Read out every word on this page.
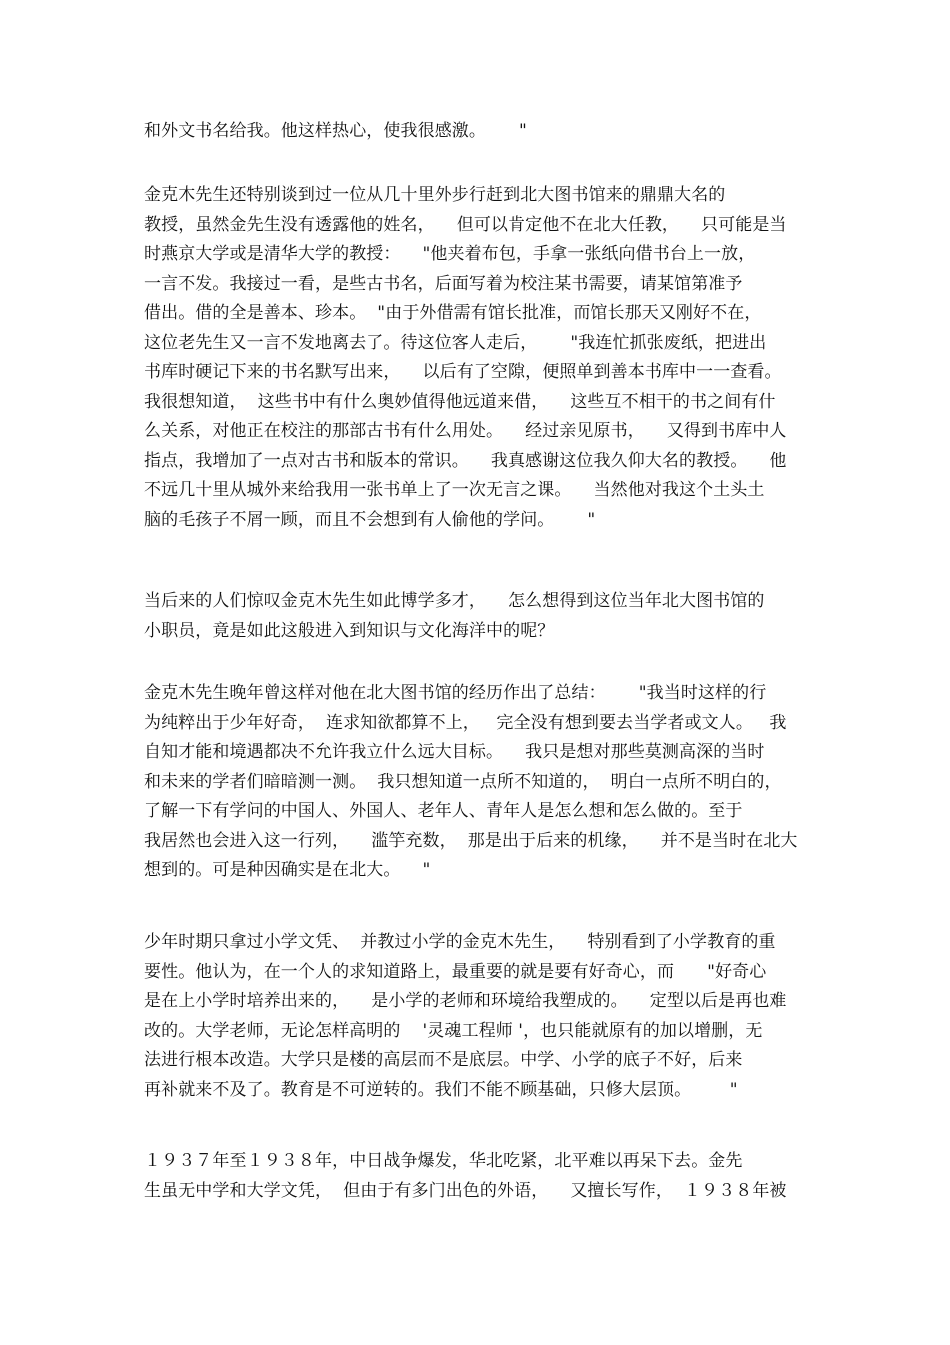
和外文书名给我。他这样热心，使我很感激。      "
金克木先生还特别谈到过一位从几十里外步行赶到北大图书馆来的鼎鼎大名的
教授，虽然金先生没有透露他的姓名，    但可以肯定他不在北大任教，    只可能是当
时燕京大学或是清华大学的教授：    "他夹着布包，手拿一张纸向借书台上一放，
一言不发。我接过一看，是些古书名，后面写着为校注某书需要，请某馆第准予
借出。借的全是善本、珍本。  "由于外借需有馆长批准，而馆长那天又刚好不在，
这位老先生又一言不发地离去了。待这位客人走后，      "我连忙抓张废纸，把进出
书库时硬记下来的书名默写出来，    以后有了空隙，便照单到善本书库中一一查看。
我很想知道，  这些书中有什么奥妙值得他远道来借，    这些互不相干的书之间有什
么关系，对他正在校注的那部古书有什么用处。    经过亲见原书，    又得到书库中人
指点，我增加了一点对古书和版本的常识。    我真感谢这位我久仰大名的教授。    他
不远几十里从城外来给我用一张书单上了一次无言之课。    当然他对我这个土头土
脑的毛孩子不屑一顾，而且不会想到有人偷他的学问。      "
当后来的人们惊叹金克木先生如此博学多才，    怎么想得到这位当年北大图书馆的
小职员，竟是如此这般进入到知识与文化海洋中的呢？
金克木先生晚年曾这样对他在北大图书馆的经历作出了总结：      "我当时这样的行
为纯粹出于少年好奇，  连求知欲都算不上，   完全没有想到要去当学者或文人。   我
自知才能和境遇都决不允许我立什么远大目标。    我只是想对那些莫测高深的当时
和未来的学者们暗暗测一测。  我只想知道一点所不知道的，  明白一点所不明白的，
了解一下有学问的中国人、外国人、老年人、青年人是怎么想和怎么做的。至于
我居然也会进入这一行列，    滥竽充数，  那是出于后来的机缘，    并不是当时在北大
想到的。可是种因确实是在北大。    "
少年时期只拿过小学文凭、  并教过小学的金克木先生，    特别看到了小学教育的重
要性。他认为，在一个人的求知道路上，最重要的就是要有好奇心，而      "好奇心
是在上小学时培养出来的，    是小学的老师和环境给我塑成的。    定型以后是再也难
改的。大学老师，无论怎样高明的    '灵魂工程师 '，也只能就原有的加以增删，无
法进行根本改造。大学只是楼的高层而不是底层。中学、小学的底子不好，后来
再补就来不及了。教育是不可逆转的。我们不能不顾基础，只修大层顶。       "
１９３７年至１９３８年，中日战争爆发，华北吃紧，北平难以再呆下去。金先
生虽无中学和大学文凭，  但由于有多门出色的外语，    又擅长写作，  １９３８年被
